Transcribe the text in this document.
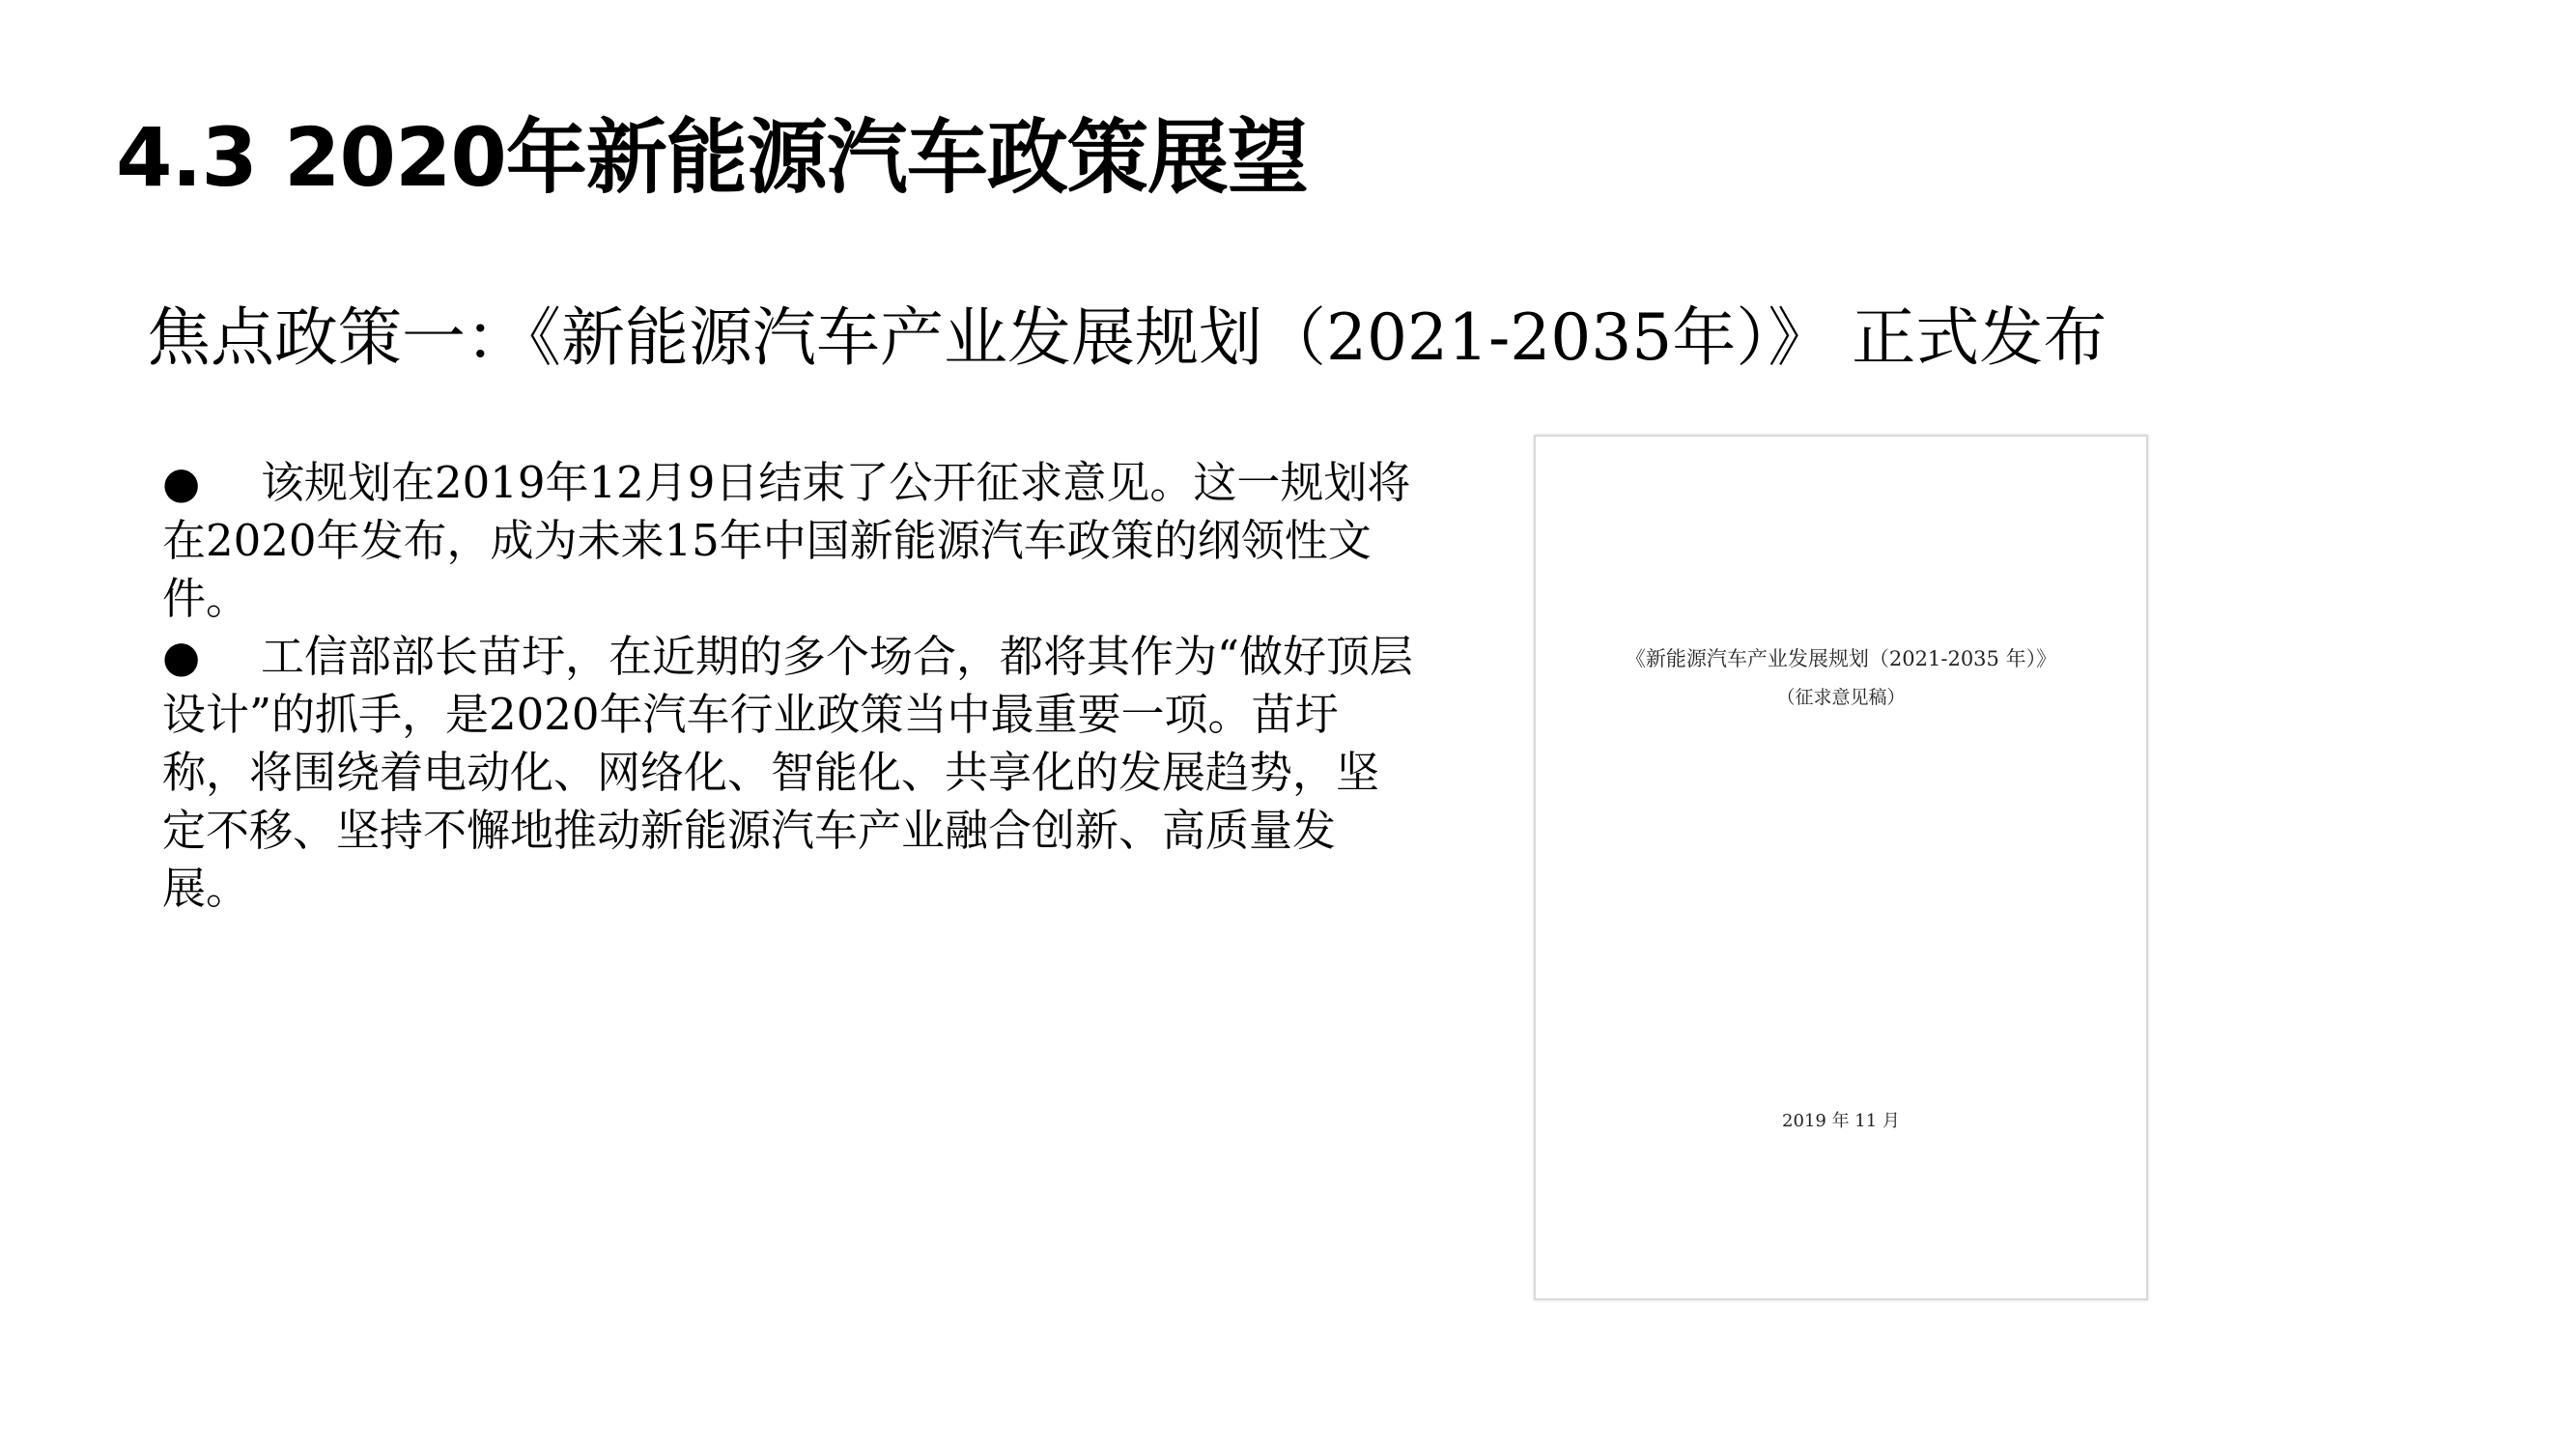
4.3 2020年新能源汽车政策展望
焦点政策一：《新能源汽车产业发展规划（2021-2035年）》 正式发布

● 该规划在2019年12月9日结束了公开征求意见。这一规划将在2020年发布，成为未来15年中国新能源汽车政策的纲领性文件。

● 工信部部长苗圩，在近期的多个场合，都将其作为“做好顶层设计”的抓手，是2020年汽车行业政策当中最重要一项。苗圩称，将围绕着电动化、网络化、智能化、共享化的发展趋势，坚定不移、坚持不懈地推动新能源汽车产业融合创新、高质量发展。

《新能源汽车产业发展规划（2021-2035 年）》
（征求意见稿）
2019 年 11 月
